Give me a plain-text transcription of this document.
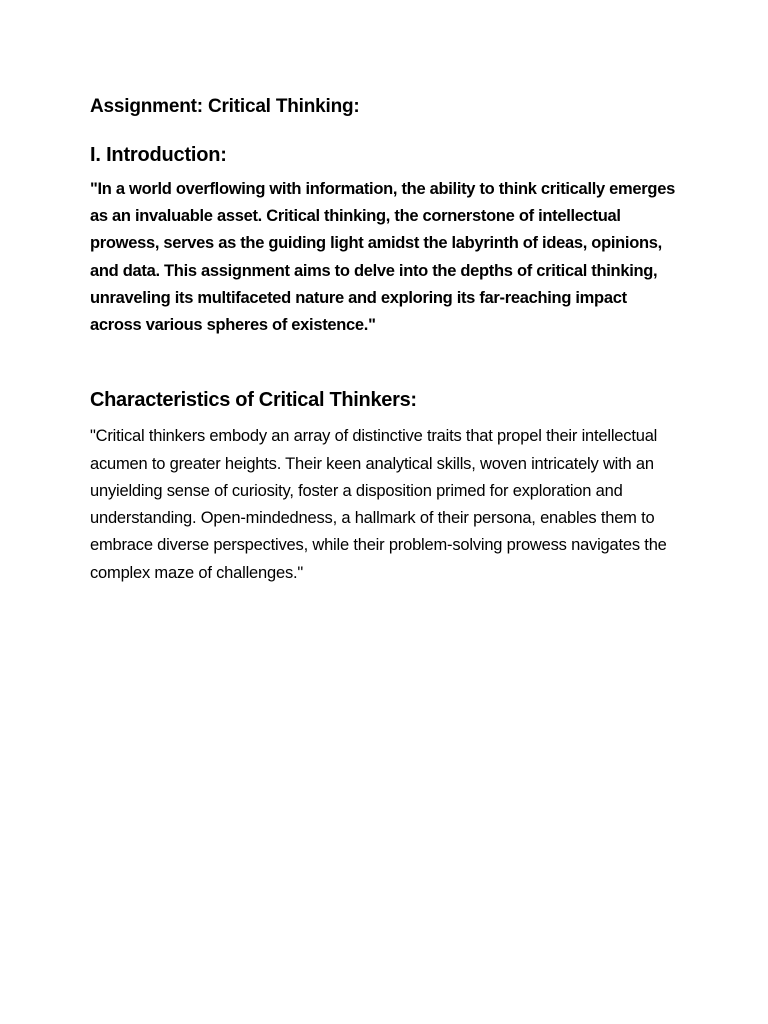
Assignment: Critical Thinking:
I. Introduction:

"In a world overflowing with information, the ability to think critically emerges as an invaluable asset. Critical thinking, the cornerstone of intellectual prowess, serves as the guiding light amidst the labyrinth of ideas, opinions, and data. This assignment aims to delve into the depths of critical thinking, unraveling its multifaceted nature and exploring its far-reaching impact across various spheres of existence."

Characteristics of Critical Thinkers:

"Critical thinkers embody an array of distinctive traits that propel their intellectual acumen to greater heights. Their keen analytical skills, woven intricately with an unyielding sense of curiosity, foster a disposition primed for exploration and understanding. Open-mindedness, a hallmark of their persona, enables them to embrace diverse perspectives, while their problem-solving prowess navigates the complex maze of challenges."
